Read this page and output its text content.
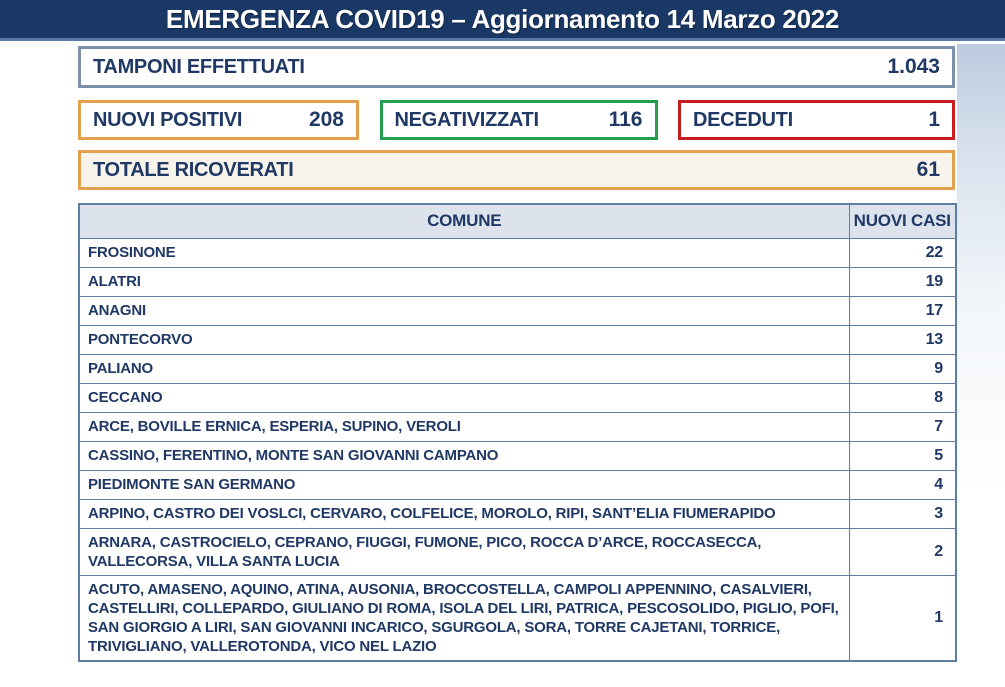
EMERGENZA COVID19 – Aggiornamento 14 Marzo 2022
TAMPONI EFFETTUATI	1.043
NUOVI POSITIVI	208	NEGATIVIZZATI	116	DECEDUTI	1
TOTALE RICOVERATI	61
COMUNE	NUOVI CASI
FROSINONE	22
ALATRI	19
ANAGNI	17
PONTECORVO	13
PALIANO	9
CECCANO	8
ARCE, BOVILLE ERNICA, ESPERIA, SUPINO, VEROLI	7
CASSINO, FERENTINO, MONTE SAN GIOVANNI CAMPANO	5
PIEDIMONTE SAN GERMANO	4
ARPINO, CASTRO DEI VOSLCI, CERVARO, COLFELICE, MOROLO, RIPI, SANT’ELIA FIUMERAPIDO	3
ARNARA, CASTROCIELO, CEPRANO, FIUGGI, FUMONE, PICO, ROCCA D’ARCE, ROCCASECCA, VALLECORSA, VILLA SANTA LUCIA	2
ACUTO, AMASENO, AQUINO, ATINA, AUSONIA, BROCCOSTELLA, CAMPOLI APPENNINO, CASALVIERI, CASTELLIRI, COLLEPARDO, GIULIANO DI ROMA, ISOLA DEL LIRI, PATRICA, PESCOSOLIDO, PIGLIO, POFI, SAN GIORGIO A LIRI, SAN GIOVANNI INCARICO, SGURGOLA, SORA, TORRE CAJETANI, TORRICE, TRIVIGLIANO, VALLEROTONDA, VICO NEL LAZIO	1
